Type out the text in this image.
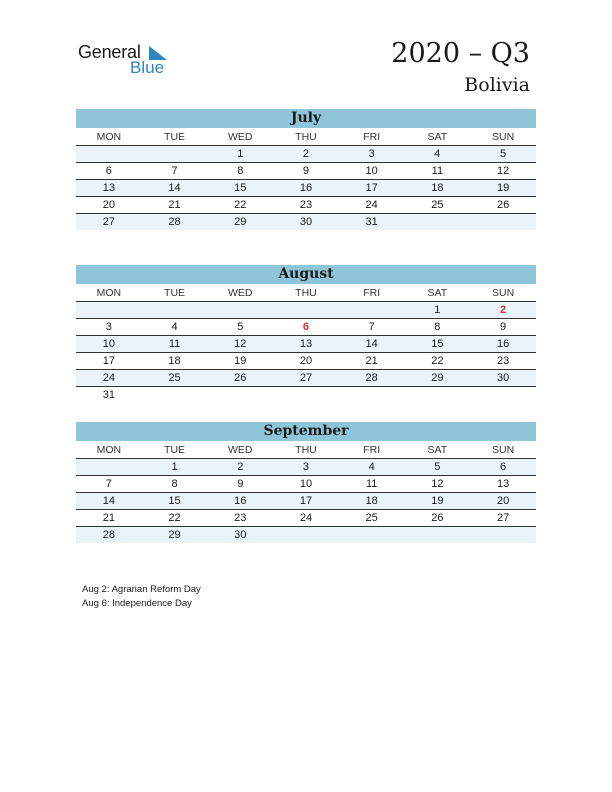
General
Blue	2020 – Q3
Bolivia
July
MON	TUE	WED	THU	FRI	SAT	SUN
		1	2	3	4	5
6	7	8	9	10	11	12
13	14	15	16	17	18	19
20	21	22	23	24	25	26
27	28	29	30	31		
August
MON	TUE	WED	THU	FRI	SAT	SUN
					1	2
3	4	5	6	7	8	9
10	11	12	13	14	15	16
17	18	19	20	21	22	23
24	25	26	27	28	29	30
31						
September
MON	TUE	WED	THU	FRI	SAT	SUN
	1	2	3	4	5	6
7	8	9	10	11	12	13
14	15	16	17	18	19	20
21	22	23	24	25	26	27
28	29	30				
Aug 2: Agrarian Reform Day
Aug 6: Independence Day
